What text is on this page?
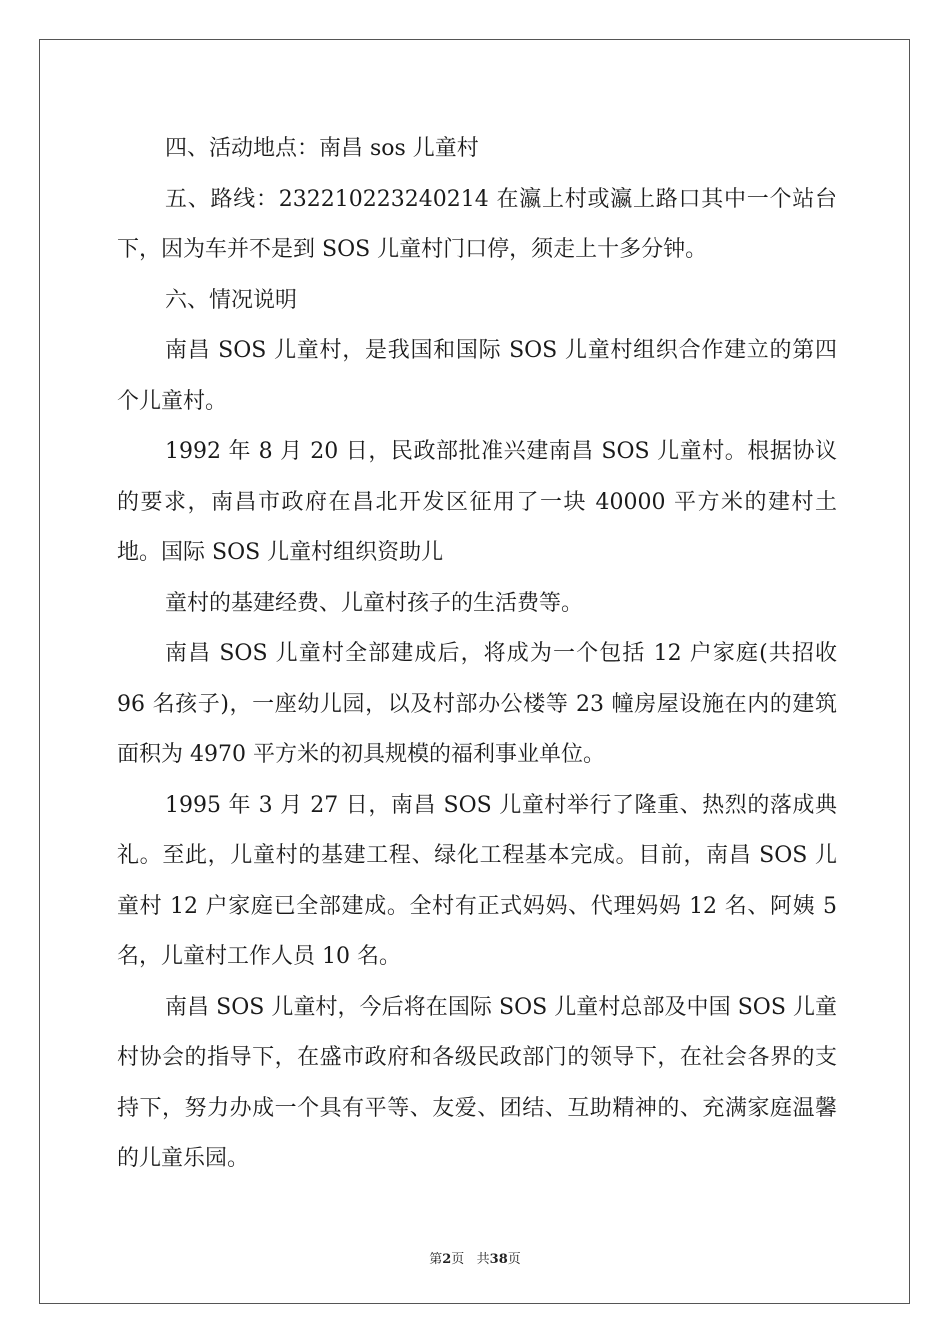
四、活动地点：南昌 sos 儿童村

五、路线：232210223240214 在瀛上村或瀛上路口其中一个站台下，因为车并不是到 SOS 儿童村门口停，须走上十多分钟。

六、情况说明

南昌 SOS 儿童村，是我国和国际 SOS 儿童村组织合作建立的第四个儿童村。

1992 年 8 月 20 日，民政部批准兴建南昌 SOS 儿童村。根据协议的要求，南昌市政府在昌北开发区征用了一块 40000 平方米的建村土地。国际 SOS 儿童村组织资助儿

童村的基建经费、儿童村孩子的生活费等。

南昌 SOS 儿童村全部建成后，将成为一个包括 12 户家庭(共招收 96 名孩子)，一座幼儿园，以及村部办公楼等 23 幢房屋设施在内的建筑面积为 4970 平方米的初具规模的福利事业单位。

1995 年 3 月 27 日，南昌 SOS 儿童村举行了隆重、热烈的落成典礼。至此，儿童村的基建工程、绿化工程基本完成。目前，南昌 SOS 儿童村 12 户家庭已全部建成。全村有正式妈妈、代理妈妈 12 名、阿姨 5 名，儿童村工作人员 10 名。

南昌 SOS 儿童村，今后将在国际 SOS 儿童村总部及中国 SOS 儿童村协会的指导下，在盛市政府和各级民政部门的领导下，在社会各界的支持下，努力办成一个具有平等、友爱、团结、互助精神的、充满家庭温馨的儿童乐园。

第2页   共38页
